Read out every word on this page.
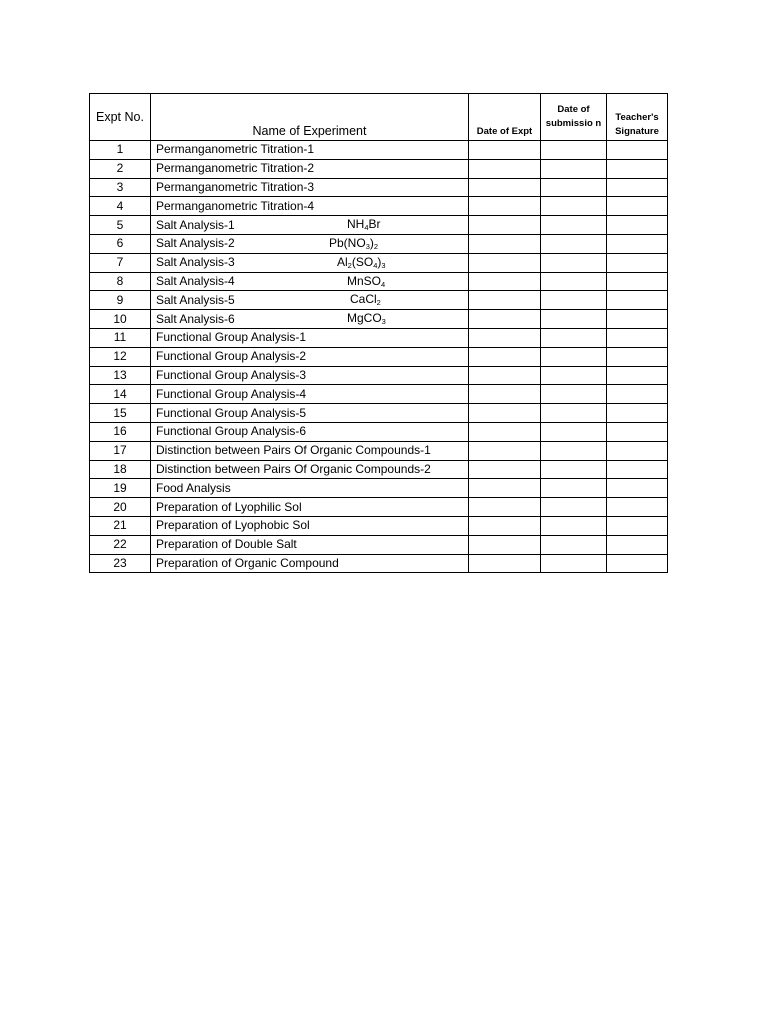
Expt No.	Name of Experiment	Date of Expt	Date of submissio n	Teacher's Signature
1	Permanganometric Titration-1			
2	Permanganometric Titration-2			
3	Permanganometric Titration-3			
4	Permanganometric Titration-4			
5	Salt Analysis-1 $NH_4Br$			

6	Salt Analysis-2 $Pb(NO_3)_2$

7	Salt Analysis-3 $Al_2(SO_4)_3$

8	Salt Analysis-4 MnSO$_4$

9	Salt Analysis-5 CaCl$_2$

10	Salt Analysis-6 MgCO$_3$

11	Functional Group Analysis-1			
12	Functional Group Analysis-2			
13	Functional Group Analysis-3			
14	Functional Group Analysis-4			
15	Functional Group Analysis-5			
16	Functional Group Analysis-6			
17	Distinction between Pairs Of Organic Compounds-1			
18	Distinction between Pairs Of Organic Compounds-2			
19	Food Analysis			
20	Preparation of Lyophilic Sol			
21	Preparation of Lyophobic Sol			
22	Preparation of Double Salt			
23	Preparation of Organic Compound			
